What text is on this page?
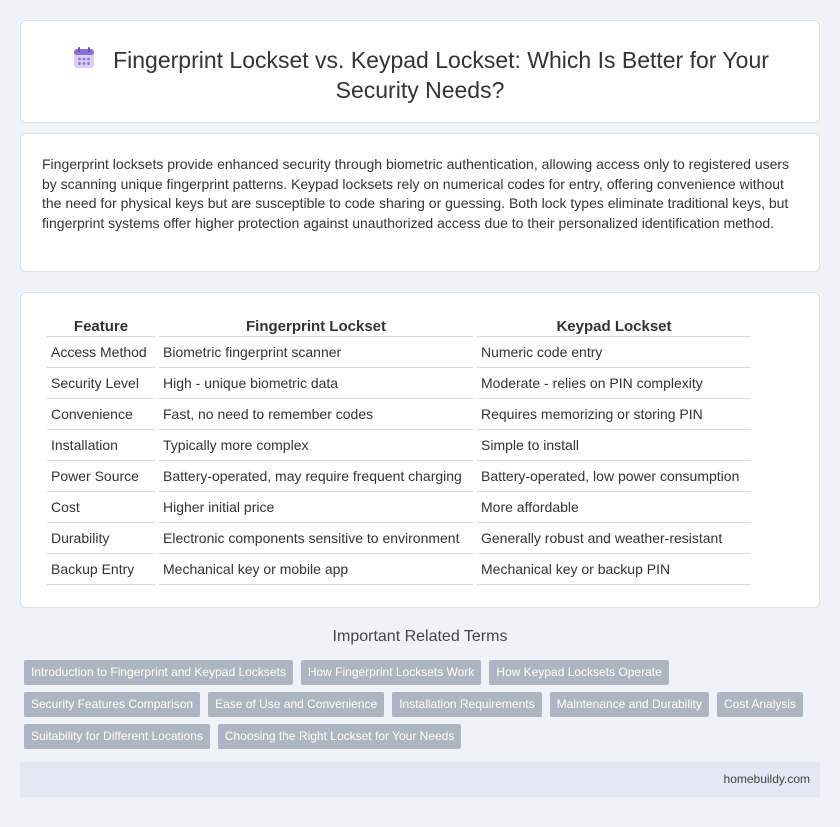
Fingerprint Lockset vs. Keypad Lockset: Which Is Better for Your Security Needs?

Fingerprint locksets provide enhanced security through biometric authentication, allowing access only to registered users by scanning unique fingerprint patterns. Keypad locksets rely on numerical codes for entry, offering convenience without the need for physical keys but are susceptible to code sharing or guessing. Both lock types eliminate traditional keys, but fingerprint systems offer higher protection against unauthorized access due to their personalized identification method.

Feature	Fingerprint Lockset	Keypad Lockset
Access Method	Biometric fingerprint scanner	Numeric code entry
Security Level	High - unique biometric data	Moderate - relies on PIN complexity
Convenience	Fast, no need to remember codes	Requires memorizing or storing PIN
Installation	Typically more complex	Simple to install
Power Source	Battery-operated, may require frequent charging	Battery-operated, low power consumption
Cost	Higher initial price	More affordable
Durability	Electronic components sensitive to environment	Generally robust and weather-resistant
Backup Entry	Mechanical key or mobile app	Mechanical key or backup PIN
Important Related Terms
Introduction to Fingerprint and Keypad Locksets How Fingerprint Locksets Work How Keypad Locksets Operate
Security Features Comparison Ease of Use and Convenience Installation Requirements Maintenance and Durability Cost Analysis
Suitability for Different Locations Choosing the Right Lockset for Your Needs
homebuildy.com
